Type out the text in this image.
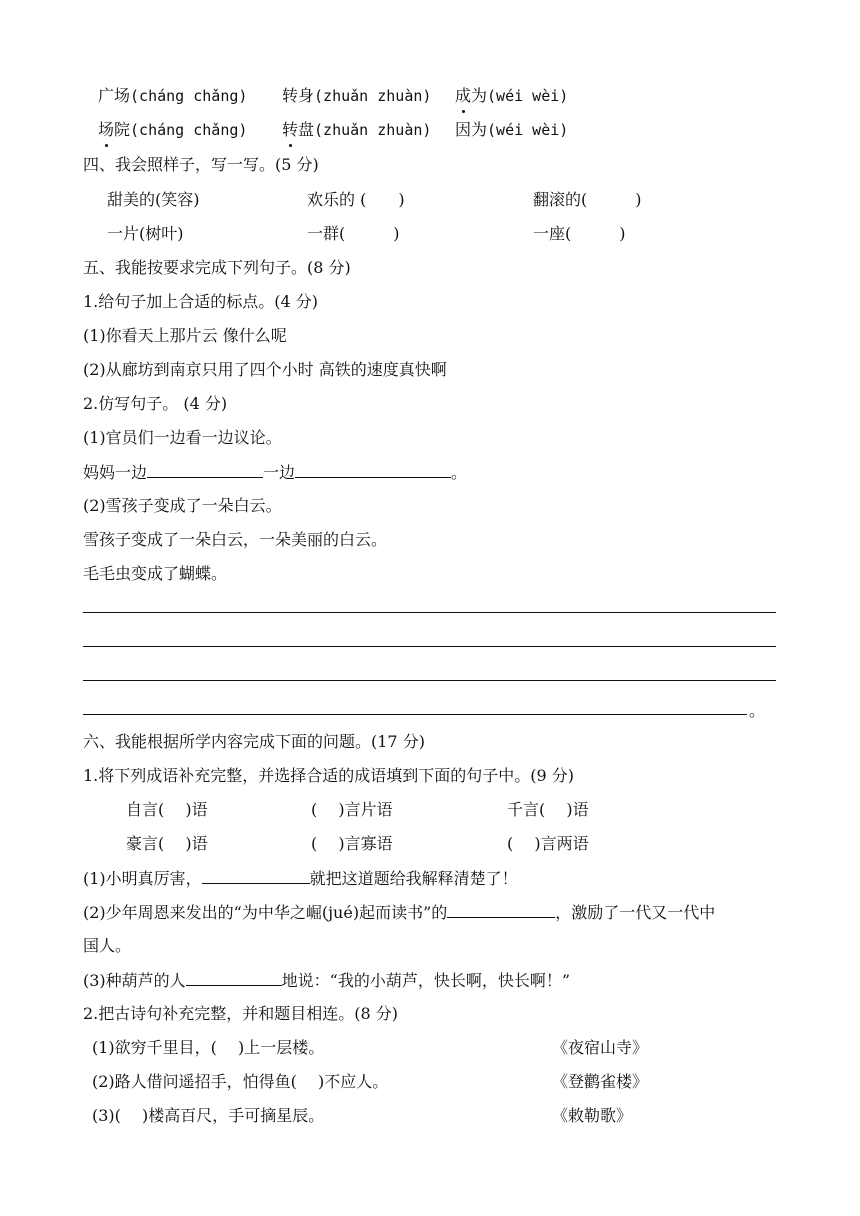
广场(cháng chǎng) 转身(zhuǎn zhuàn) 成为(wéi wèi)
场院(cháng chǎng) 转盘(zhuǎn zhuàn) 因为(wéi wèi)
四、我会照样子，写一写。(5 分)
甜美的(笑容)	欢乐的 (　　)	翻滚的(　　　)
一片(树叶)	一群(　　　)	一座(　　　)
五、我能按要求完成下列句子。(8 分)
1.给句子加上合适的标点。(4 分)
(1)你看天上那片云 像什么呢
(2)从廊坊到南京只用了四个小时 高铁的速度真快啊
2.仿写句子。 (4 分)
(1)官员们一边看一边议论。
妈妈一边	一边	。
(2)雪孩子变成了一朵白云。
雪孩子变成了一朵白云，一朵美丽的白云。
毛毛虫变成了蝴蝶。
。
六、我能根据所学内容完成下面的问题。(17 分)
1.将下列成语补充完整，并选择合适的成语填到下面的句子中。(9 分)
自言(　 )语	(　 )言片语	千言(　 )语
豪言(　 )语	(　 )言寡语	(　 )言两语
(1)小明真厉害，	就把这道题给我解释清楚了！
(2)少年周恩来发出的“为中华之崛(jué)起而读书”的	，激励了一代又一代中
国人。
(3)种葫芦的人	地说：“我的小葫芦，快长啊，快长啊！”
2.把古诗句补充完整，并和题目相连。(8 分)
(1)欲穷千里目，(　 )上一层楼。	《夜宿山寺》
(2)路人借问遥招手，怕得鱼(　 )不应人。	《登鹳雀楼》
(3)(　 )楼高百尺，手可摘星辰。	《敕勒歌》
